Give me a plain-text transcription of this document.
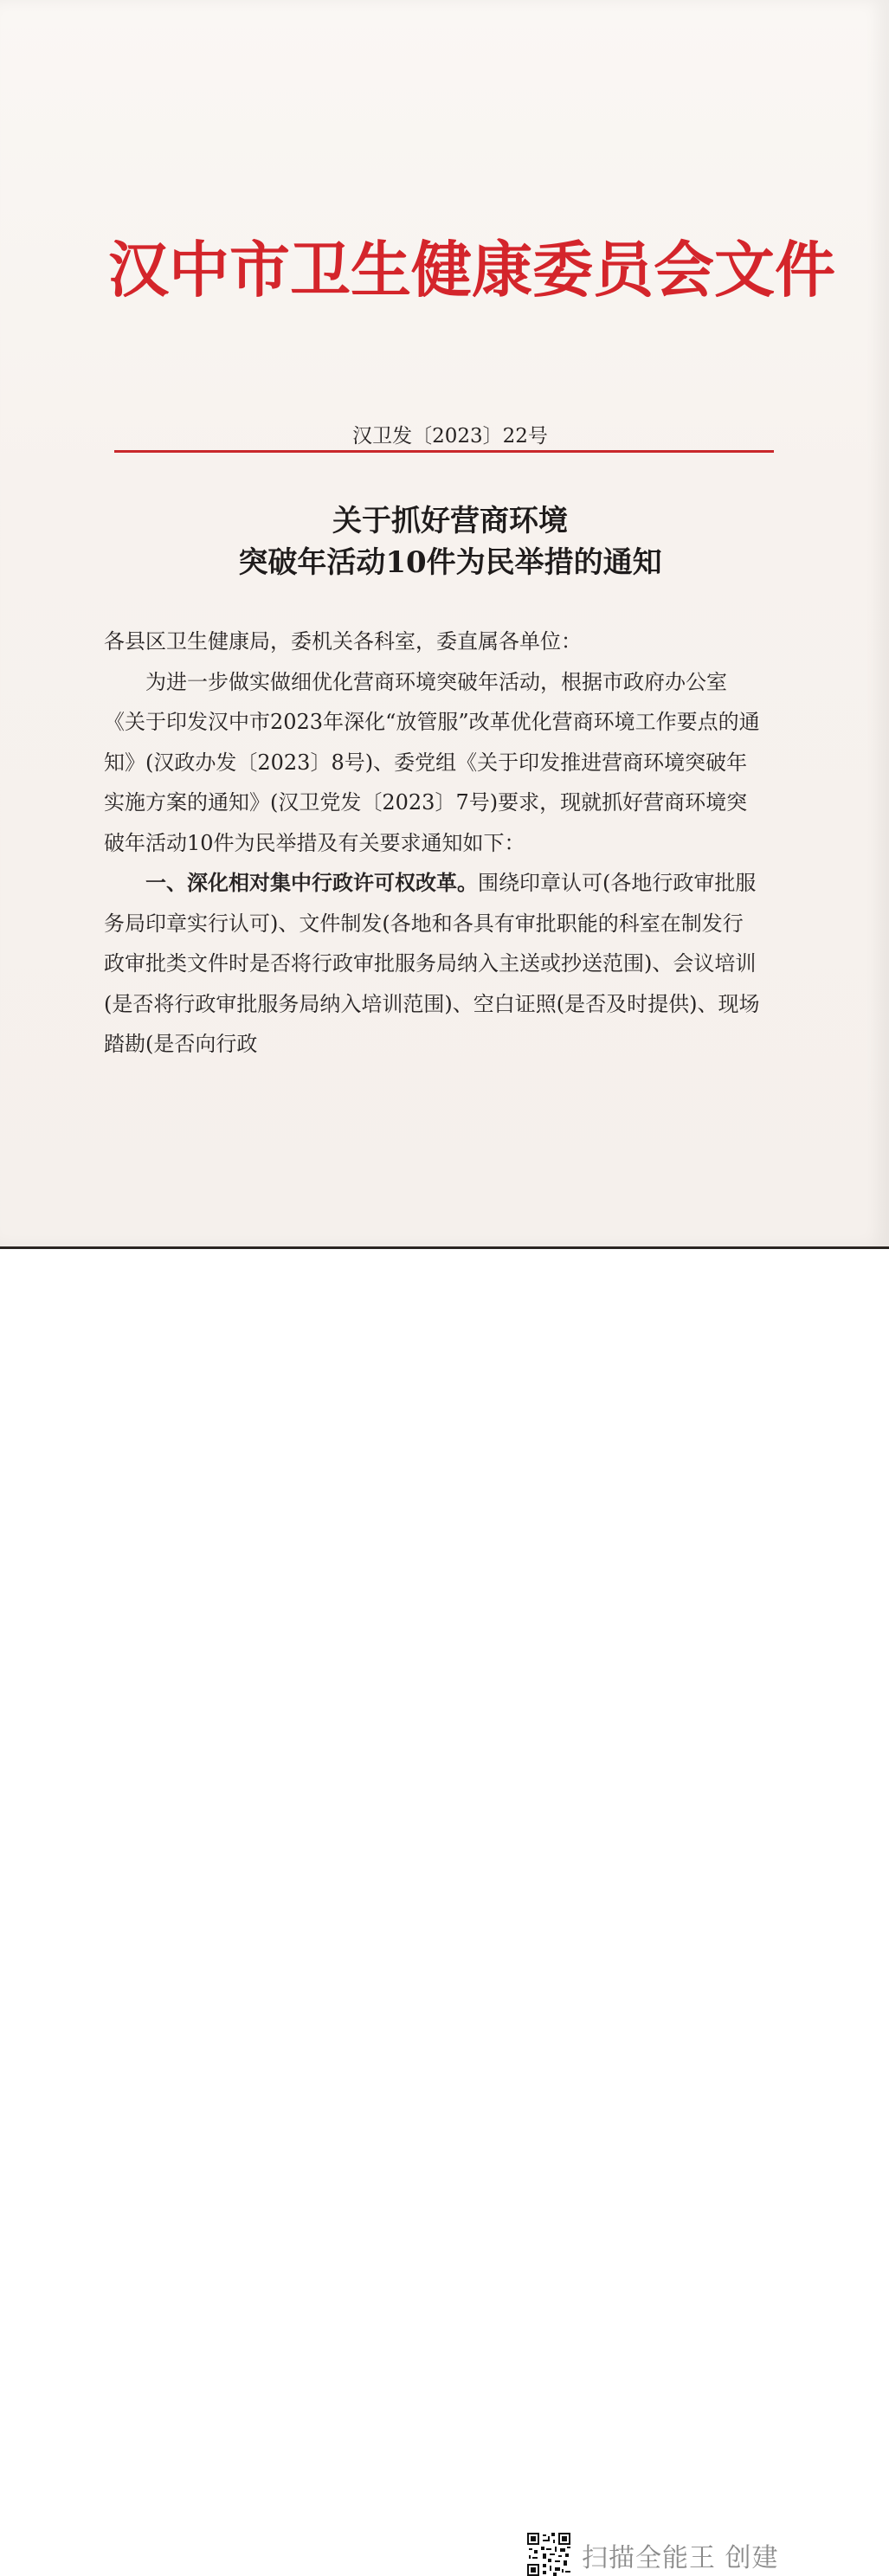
汉中市卫生健康委员会文件
汉卫发〔2023〕22号
关于抓好营商环境
突破年活动10件为民举措的通知

各县区卫生健康局，委机关各科室，委直属各单位：

为进一步做实做细优化营商环境突破年活动，根据市政府办公室《关于印发汉中市2023年深化“放管服”改革优化营商环境工作要点的通知》(汉政办发〔2023〕8号)、委党组《关于印发推进营商环境突破年实施方案的通知》(汉卫党发〔2023〕7号)要求，现就抓好营商环境突破年活动10件为民举措及有关要求通知如下：

一、深化相对集中行政许可权改革。围绕印章认可(各地行政审批服务局印章实行认可)、文件制发(各地和各具有审批职能的科室在制发行政审批类文件时是否将行政审批服务局纳入主送或抄送范围)、会议培训(是否将行政审批服务局纳入培训范围)、空白证照(是否及时提供)、现场踏勘(是否向行政

扫描全能王 创建
